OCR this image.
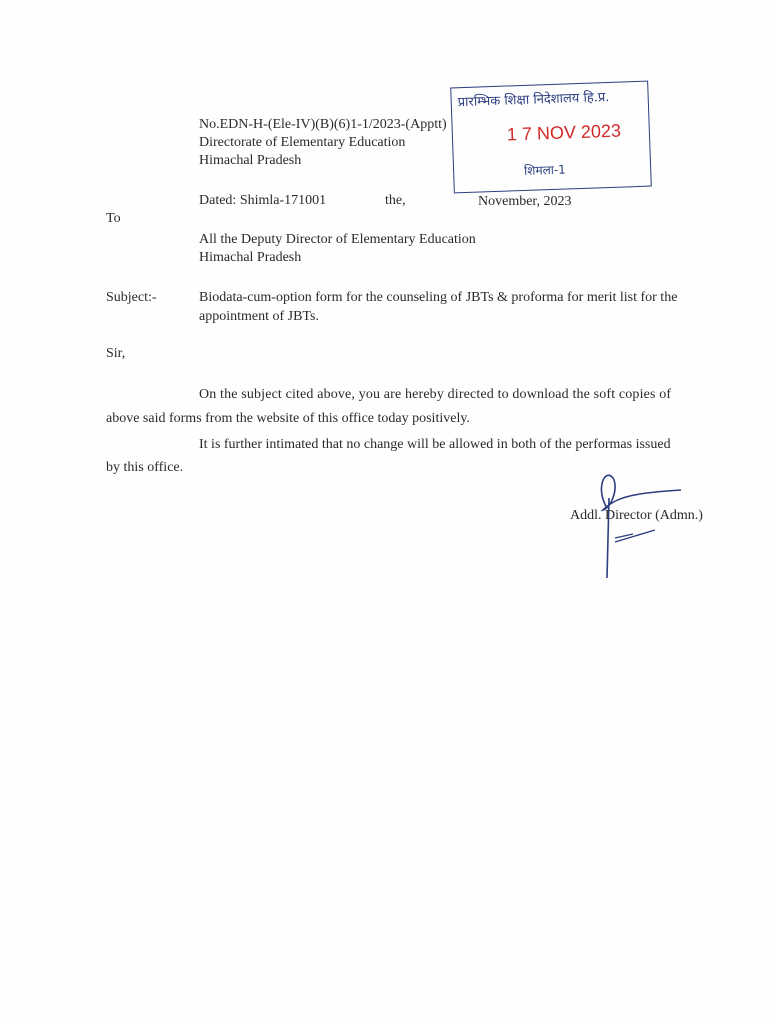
No.EDN-H-(Ele-IV)(B)(6)1-1/2023-(Apptt)
Directorate of Elementary Education
Himachal Pradesh
प्रारम्भिक शिक्षा निदेशालय हि.प्र.
1 7 NOV 2023
शिमला-1
Dated: Shimla-171001	the,	November, 2023
To
All the Deputy Director of Elementary Education
Himachal Pradesh
Subject:-	Biodata-cum-option form for the counseling of JBTs & proforma for merit list for the
appointment of JBTs.
Sir,
On the subject cited above, you are hereby directed to download the soft copies of
above said forms from the website of this office today positively.
It is further intimated that no change will be allowed in both of the performas issued
by this office.
Addl. Director (Admn.)
